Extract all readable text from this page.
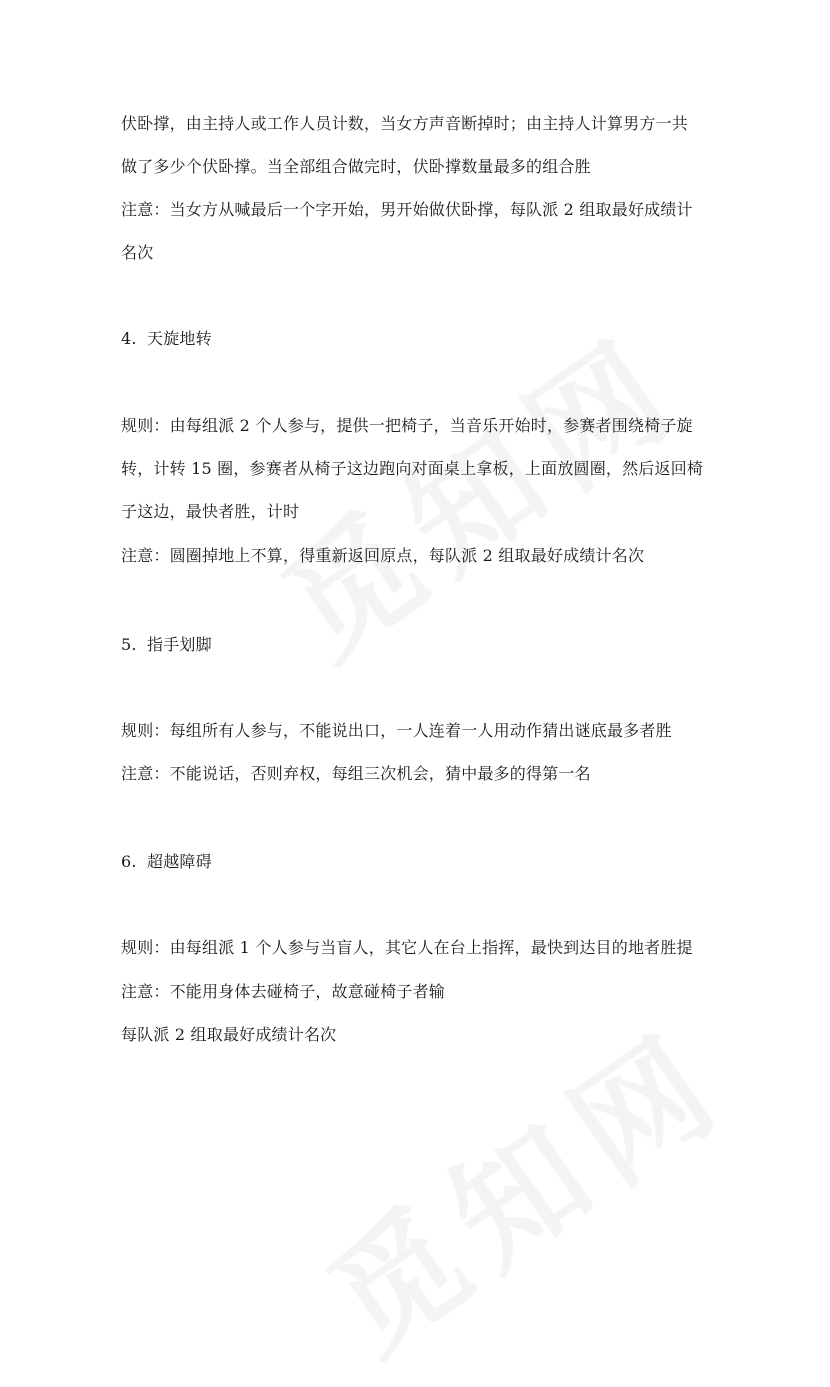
伏卧撑，由主持人或工作人员计数，当女方声音断掉时；由主持人计算男方一共
做了多少个伏卧撑。当全部组合做完时，伏卧撑数量最多的组合胜
注意：当女方从喊最后一个字开始，男开始做伏卧撑，每队派 2 组取最好成绩计
名次
4. 天旋地转
规则：由每组派 2 个人参与，提供一把椅子，当音乐开始时，参赛者围绕椅子旋
转，计转 15 圈，参赛者从椅子这边跑向对面桌上拿板，上面放圆圈，然后返回椅
子这边，最快者胜，计时
注意：圆圈掉地上不算，得重新返回原点，每队派 2 组取最好成绩计名次
5. 指手划脚
规则：每组所有人参与，不能说出口，一人连着一人用动作猜出谜底最多者胜
注意：不能说话，否则弃权，每组三次机会，猜中最多的得第一名
6. 超越障碍
规则：由每组派 1 个人参与当盲人，其它人在台上指挥，最快到达目的地者胜提
注意：不能用身体去碰椅子，故意碰椅子者输
每队派 2 组取最好成绩计名次
